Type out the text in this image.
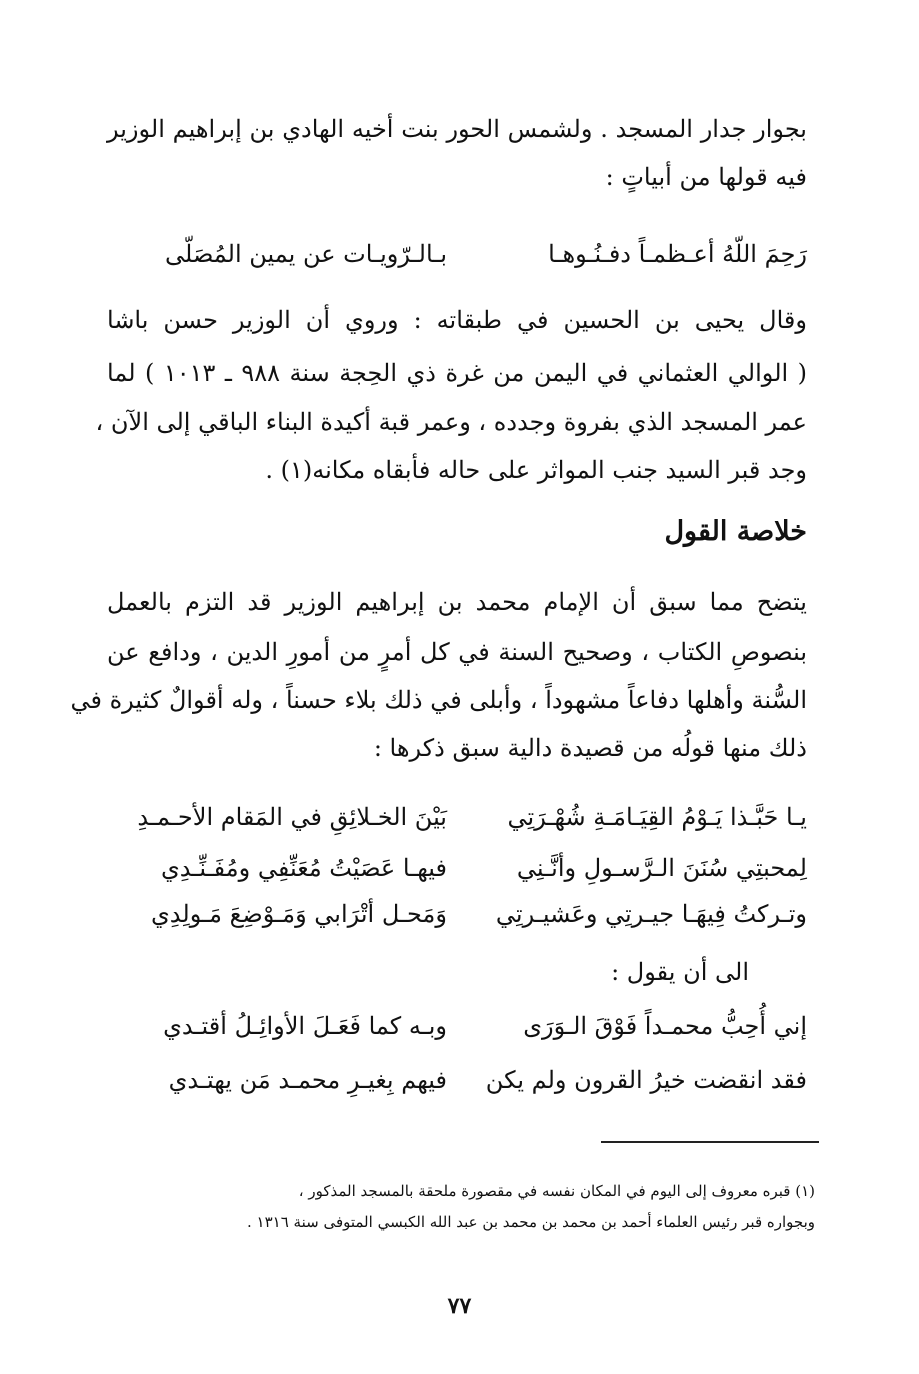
بجوار جدار المسجد . ولشمس الحور بنت أخيه الهادي بن إبراهيم الوزير
فيه قولها من أبياتٍ :
رَحِمَ اللّهُ أعـظمـاً دفـنُـوهـا
بـالـرّويـات عن يمين المُصَلّى
وقال يحيى بن الحسين في طبقاته : وروي أن الوزير حسن باشا
( الوالي العثماني في اليمن من غرة ذي الحِجة سنة ٩٨٨ ـ ١٠١٣ ) لما
عمر المسجد الذي بفروة وجدده ، وعمر قبة أكيدة البناء الباقي إلى الآن ،
وجد قبر السيد جنب المواثر على حاله فأبقاه مكانه(١) .
خلاصة القول
يتضح مما سبق أن الإمام محمد بن إبراهيم الوزير قد التزم بالعمل
بنصوصِ الكتاب ، وصحيح السنة في كل أمرٍ من أمورِ الدين ، ودافع عن
السُّنة وأهلها دفاعاً مشهوداً ، وأبلى في ذلك بلاء حسناً ، وله أقوالٌ كثيرة في
ذلك منها قولُه من قصيدة دالية سبق ذكرها :
يـا حَبَّـذا يَـوْمُ القِيَـامَـةِ شُهْـرَتِي
بَيْنَ الخـلائِقِ في المَقام الأحـمـدِ
لِمحبتِي سُنَنَ الـرَّسـولِ وأنَّـنِي
فيهـا عَصَيْتُ مُعَنِّفِي ومُفَـنِّـدِي
وتـركتُ فِيهَـا جيـرتِي وعَشيـرتِي
وَمَحـل أتْرَابي وَمَـوْضِعَ مَـولِدِي
الى أن يقول :
إني أُحِبُّ محمـداً فَوْقَ الـوَرَى
وبـه كما فَعَـلَ الأوائِـلُ أقتـدي
فقد انقضت خيرُ القرون ولم يكن
فيهم بِغيـرِ محمـد مَن يهتـدي
(١) قبره معروف إلى اليوم في المكان نفسه في مقصورة ملحقة بالمسجد المذكور ،
وبجواره قبر رئيس العلماء أحمد بن محمد بن محمد بن عبد الله الكبسي المتوفى سنة ١٣١٦ .
٧٧
